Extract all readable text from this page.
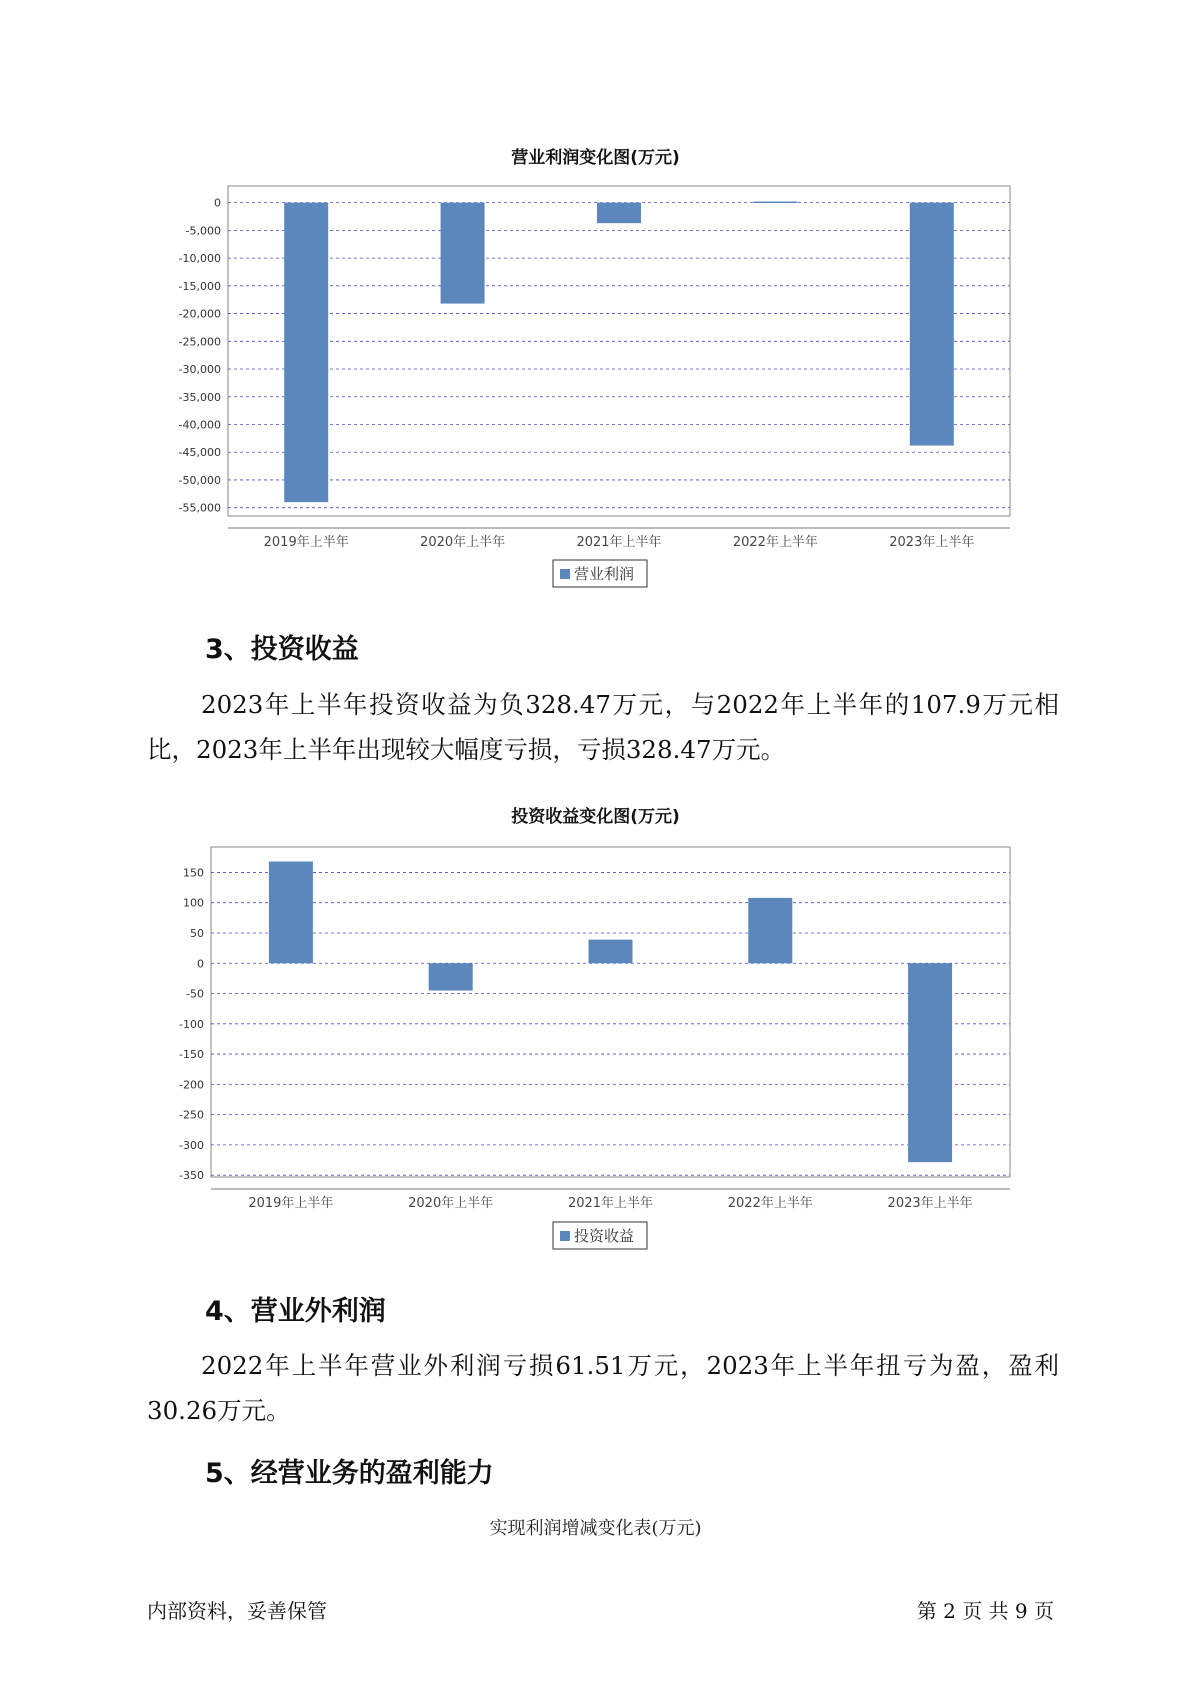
营业利润变化图(万元)
0
-5,000
-10,000
-15,000
-20,000
-25,000
-30,000
-35,000
-40,000
-45,000
-50,000
-55,000
2019年上半年	2020年上半年	2021年上半年	2022年上半年	2023年上半年
营业利润
3、投资收益

2023年上半年投资收益为负328.47万元，与2022年上半年的107.9万元相比，2023年上半年出现较大幅度亏损，亏损328.47万元。

投资收益变化图(万元)
150
100
50
0
-50
-100
-150
-200
-250
-300
-350
2019年上半年	2020年上半年	2021年上半年	2022年上半年	2023年上半年
投资收益
4、营业外利润

2022年上半年营业外利润亏损61.51万元，2023年上半年扭亏为盈，盈利30.26万元。

5、经营业务的盈利能力
实现利润增减变化表(万元)
内部资料，妥善保管	第 2 页 共 9 页
